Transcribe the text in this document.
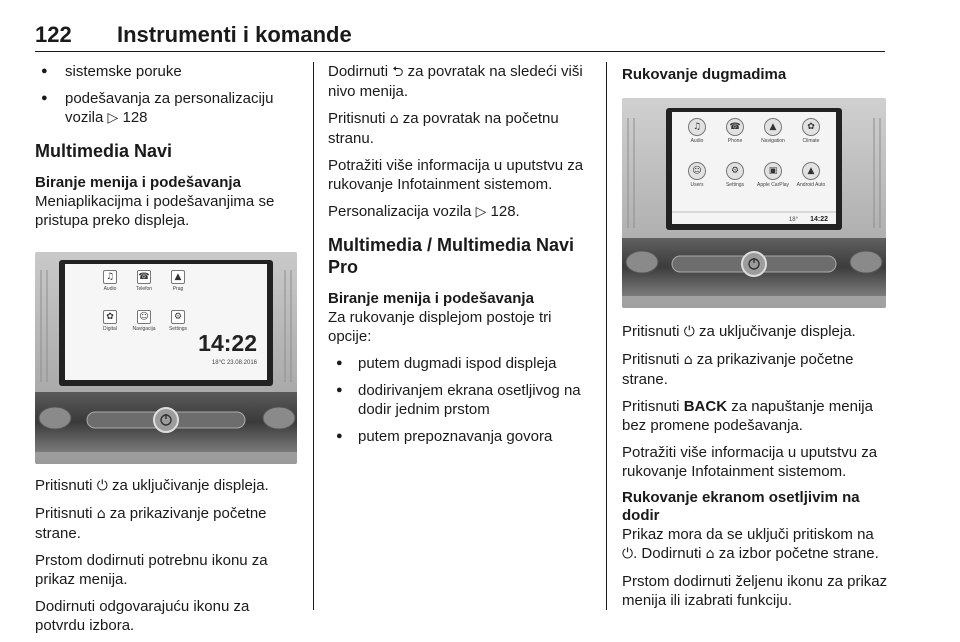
122 Instrumenti i komande
● sistemske poruke
● podešavanja za personalizaciju vozila ▷ 128
Multimedia Navi
Biranje menija i podešavanja

Meniaplikacijma i podešavanjima se pristupa preko displeja.

14:22
18°C 23.08.2016
♫
Audio
☎
Telefon
▲
Prag
✿
Digital
☺
Navigacija
⚙
Settings

Pritisnuti ⏻ za uključivanje displeja.

Pritisnuti ⌂ za prikazivanje početne strane.

Prstom dodirnuti potrebnu ikonu za prikaz menija.

Dodirnuti odgovarajuću ikonu za potvrdu izbora.

Dodirnuti ⮌ za povratak na sledeći viši nivo menija.

Pritisnuti ⌂ za povratak na početnu stranu.

Potražiti više informacija u uputstvu za rukovanje Infotainment sistemom.

Personalizacija vozila ▷ 128.

Multimedia / Multimedia Navi Pro
Biranje menija i podešavanja

Za rukovanje displejom postoje tri opcije:

● putem dugmadi ispod displeja
● dodirivanjem ekrana osetljivog na dodir jednim prstom
● putem prepoznavanja govora
Rukovanje dugmadima
14:22
18°
♫
Audio
☎
Phone
▲
Navigation
✿
Climate
☺
Users
⚙
Settings
▣
Apple CarPlay
▲
Android Auto

Pritisnuti ⏻ za uključivanje displeja.

Pritisnuti ⌂ za prikazivanje početne strane.

Pritisnuti BACK za napuštanje menija bez promene podešavanja.

Potražiti više informacija u uputstvu za rukovanje Infotainment sistemom.

Rukovanje ekranom osetljivim na dodir

Prikaz mora da se uključi pritiskom na ⏻. Dodirnuti ⌂ za izbor početne strane.

Prstom dodirnuti željenu ikonu za prikaz menija ili izabrati funkciju.
